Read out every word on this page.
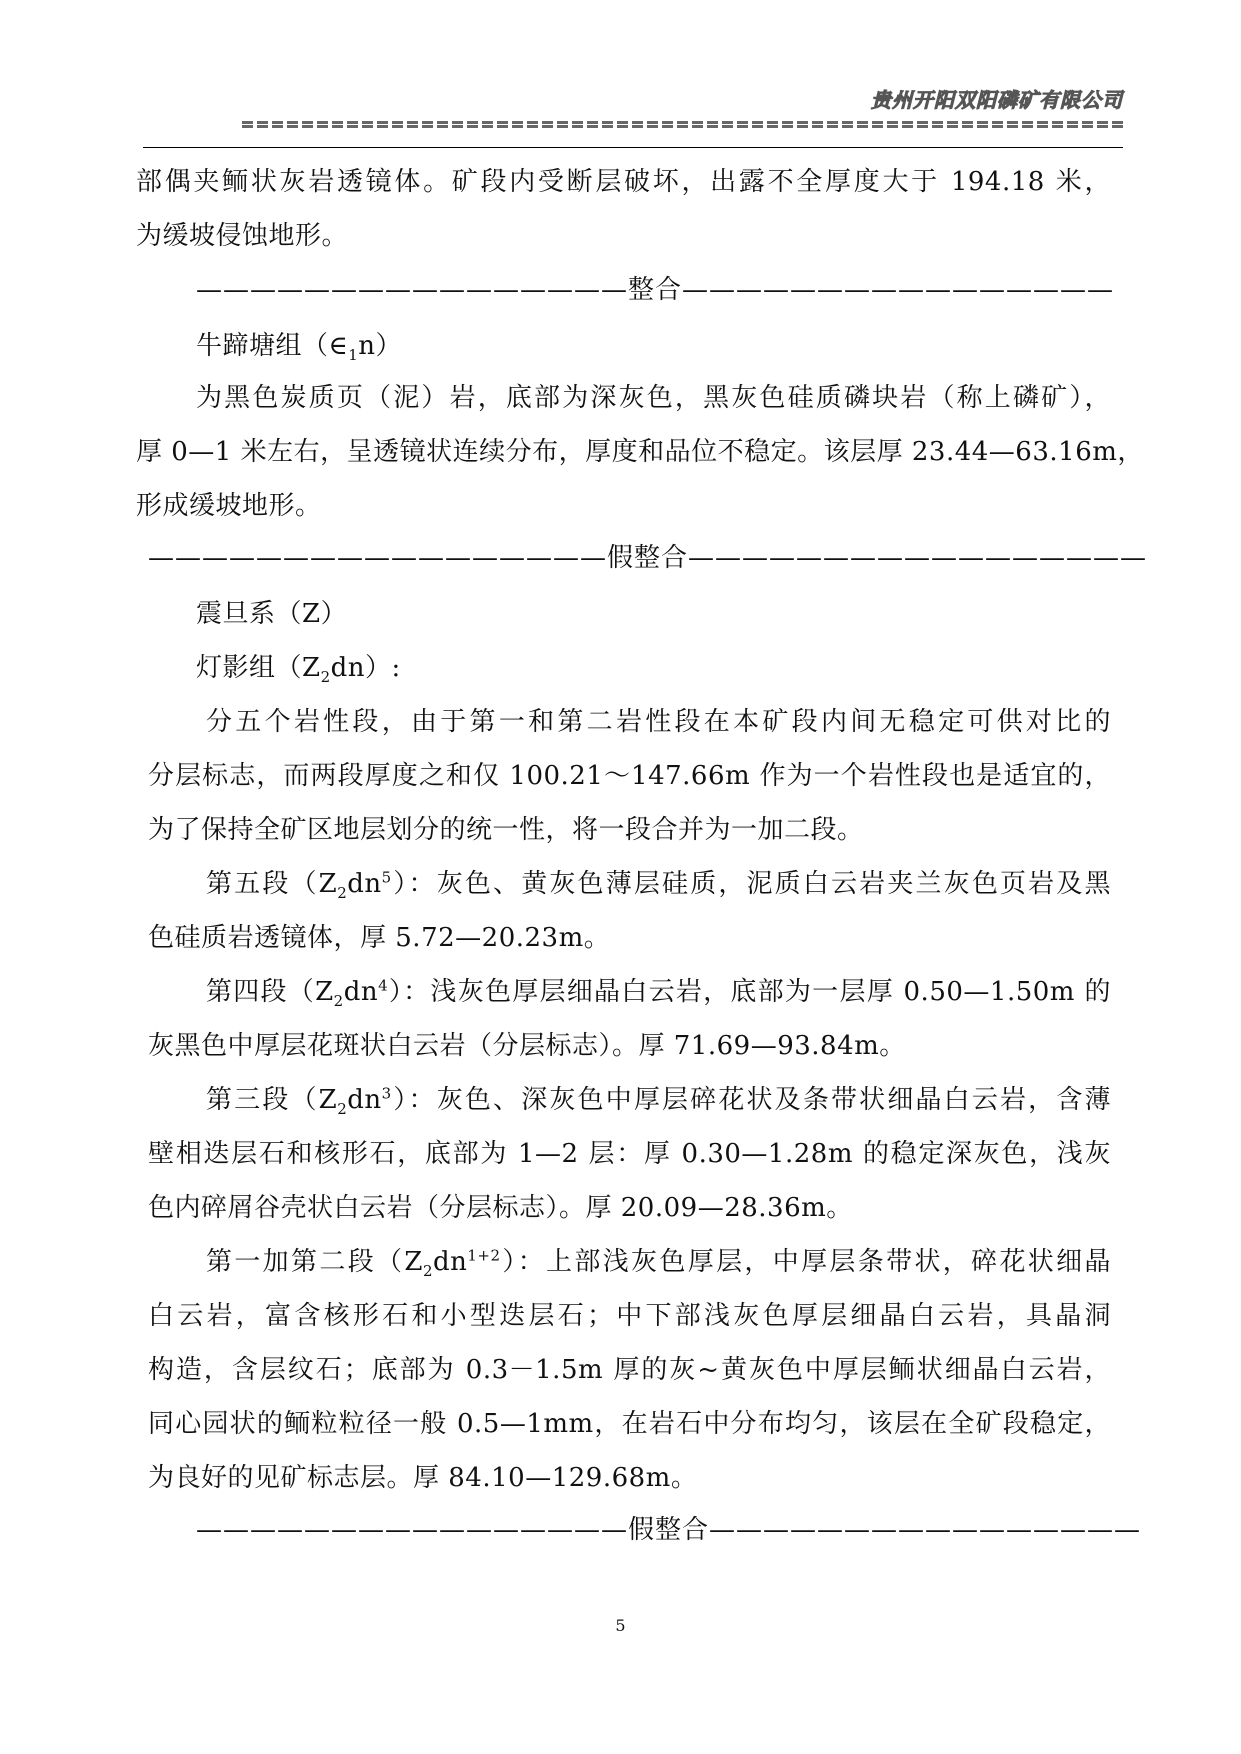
贵州开阳双阳磷矿有限公司
部偶夹鲕状灰岩透镜体。矿段内受断层破坏，出露不全厚度大于 194.18 米，
为缓坡侵蚀地形。
————————————————整合————————————————
牛蹄塘组$(\in_1n)$
为黑色炭质页（泥）岩，底部为深灰色，黑灰色硅质磷块岩（称上磷矿），
厚 0—1 米左右，呈透镜状连续分布，厚度和品位不稳定。该层厚 23.44—63.16m，
形成缓坡地形。
—————————————————假整合—————————————————
震旦系（Z）
灯影组$(Z_2dn)$:
分五个岩性段，由于第一和第二岩性段在本矿段内间无稳定可供对比的
分层标志，而两段厚度之和仅 100.21～147.66m 作为一个岩性段也是适宜的，
为了保持全矿区地层划分的统一性，将一段合并为一加二段。
第五段$(Z_2dn^5)$：灰色、黄灰色薄层硅质，泥质白云岩夹兰灰色页岩及黑
色硅质岩透镜体，厚 5.72—20.23m。
第四段$(Z_2dn^4)$：浅灰色厚层细晶白云岩，底部为一层厚 0.50—1.50m 的
灰黑色中厚层花斑状白云岩（分层标志）。厚 71.69—93.84m。
第三段$(Z_2dn^3)$：灰色、深灰色中厚层碎花状及条带状细晶白云岩，含薄
壁相迭层石和核形石，底部为 1—2 层：厚 0.30—1.28m 的稳定深灰色，浅灰
色内碎屑谷壳状白云岩（分层标志）。厚 20.09—28.36m。
第一加第二段$(Z_2dn^{1+2})$：上部浅灰色厚层，中厚层条带状，碎花状细晶
白云岩，富含核形石和小型迭层石；中下部浅灰色厚层细晶白云岩，具晶洞
构造，含层纹石；底部为 0.3－1.5m 厚的灰~黄灰色中厚层鲕状细晶白云岩，
同心园状的鲕粒粒径一般 0.5—1mm，在岩石中分布均匀，该层在全矿段稳定，
为良好的见矿标志层。厚 84.10—129.68m。
————————————————假整合————————————————
5
